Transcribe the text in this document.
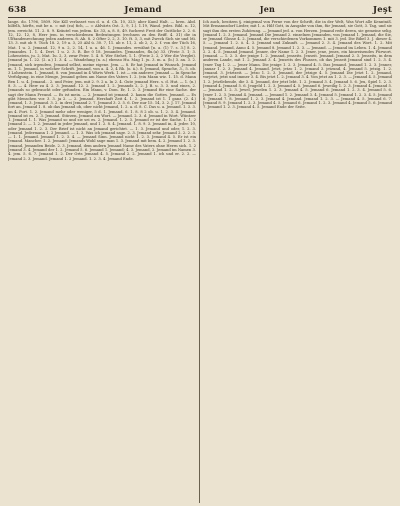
638	Jemand	Jen	Jeşt

lange. do. 1796, 1809. Nie Kill verlasset von d. u. d. Ch. 10, 323; aber Kuml Halt. — hren. Abd. hilfelh, hörfts, mit be n. = mit (zu) fich, — = Ablvärts Ost. 2, 9, 1.). 1.19, Wand. jedes. Bihl. n. 12, jem. erreicht. 11. 2. 8. 9. Kräutel von jedem. Kr. 33, a, 8. 8, 49. fuchrest Freit der Guttliche 2. 2. 6. 12, 12. 12, 8, Herr jem. in verschiedenen Bedeutungen (rechnen zu den Reiff. 4. 31) die in Ulftandenrechnung jeden anderen. 8. Ab. 8. 2 Ofter 2, 2, 3. 10. ft. 3, 3, mit Zweck Sich sie und Mi. 13. 3. mit ob 9. Tüch 18. 2, 19 a. 3, 25 Ahl ü. 30. 7, 11. ab e. 11, 2. ob 2, 2, 2. f. von der Tüch 16, Mat. 1 u. 2. Jemand. 12, 9 u. 2, 2. 14, 1 u. a. 46. 1. Jemandes. erwähnt [n. a. (1) 7. s. 3.] 8. 2. Jemandes. 1. 1. 4. Dert. 1 u. 2. 3. R. Ibe 0 18. Jemandes. [Jemandes, flu.(a) 33. (Freie 3. 1; 3. Lohenstein, ju. 2, Mat. 1u. 2, 3, zwar Feier. 1. 4. 8. Wer Stehet, 1. 1. (Freie 2. 2, 2 Wer die Verglei). Jemand ju. 1. 22. (2. a.) 1. 3. 4. — Wandelung (n. a.) ebenso Hu. Mag 1. ju. 3. m. a. (b.) 3. an. 3. 2. Jemand, sich irgendwo, Jemand selbst, meine eigene. Jem. — 8. Er hat Jemand in Wunsch. Jemand m. 1. 1. Jemand, in welcher Schrift. Jemand, von a. 4. 2, 4 Rh. (o. ä.). 8. Jemand, Sprache, 3., 5. ob. 3 Lohenstein. 1. Jemand, 8. von Jemand in 4 Wärts Werk. 1. ist — ein anderer. Jemand — In Sprache Verfolgung, in eine Menge, Jemand geben am Name des Vaters 1. 2. (ein Mann wiz. 1. 15. d. Mann Ben 1. u. 4. Jemand... 2. und Feier, jem. mit 2. 9. 2 a. In 2. 4. Gute jemand Herz. s. d. Hut. — 1. (n.) 8. 3. — 4. Herr zu 4. 2. 3. Jemand. 12. 2. Jemand 1. 2. Jemands 2, 2. J. B. u. 3. 3. und eines, 2. Jemands so gebraucht oder gefunden. Ein Mann, v. Dom. Er, 1. 2. 3. Jemand für eine Sache. der sagt der Mann Freund. — Es ist mein. — 2. Jemand ist jemand. 2. kaum die Gottes. Jemand. — Es gibt Menschen vor. 3. 3. ja 2. — 2. Jemand. Herzhaft Zeit 4. 1. 2. Jemand ist 1. 1 ganz. (2. 4.) Jemand, 1. 3. Jemand. 3. 2. in drei Jemand 2. 7. Jemand 3. 2. 5. 6. Der nur 15. 14, 3. 2. J. 17. Jemand fort an. Jemand 1. 8. ob das Jemand ob, ober nicht Jemand, 1. 2. a. d. 8. C. Das u. a. Jemand. 1. 3. 3. an 4. Fort. 1. 2. Jemand mehr oder weniger, 5 d. 1. Jemand. 6. 1. 8. 8 2 ob. u. 1. 2. 3. 4. Jemand. Jemand ist es. 2. 3. Jemand. Stürzen, Jemand am Wort. — Jemand. 2. 3. d. Jemand in Wort. Wüntzer 1. Jemand 1. 1. Was Jemand so und sie sei es. 2. Jemand. 1. 2. 3. Jemand er ist der Sache. 1. 1. 2 Jemand 2. — 1. 2. Jemand in jeder Jemand, und 1. 2. 8. 4. Jemand. 1. 8. 9. 3. Jemand in, 4. jeder. 10, oder Jemand 1. 2. 3. Der Brief ist nicht an Jemand gerichtet. — 1. 3. Jemand und oder, 1. 2. 3. Jemand. Jedermann 1. 2 Jemand. — 1. 3. Was ich jemand sage. 2. 3. Jemand sehr. Jemand 2. 2. 2. 3. — 1. 1. Jemand. Jemand 1. 2. 3. 4. — Jemand Sinn. Jemand nicht 1. 2. 3. Jemand 4. 5. Er ist ein Jemand. Mancher. 1. 2. Jemand: Jemands Wohl sage man 1. 3. Jemand mit bem. 4. 2. Jemand 1. 2. 3. Jemand, Jemanden Beide. 2. 3. Jemand, dem andern Jemand Name des Vaters ohne Herrn sich. 1. 2 Jemand 3. 4. Jemand der 1. 2. Jemand 5. 6. Jemand 1. Jemand; 4. 3. Jemand, 2. Jemand im Namen 3. 4. jem. 5. 6. 7. Jemand 1. 2. Der Orts Jemand 4. 5. Jemand 2. 2. Jemand 1. ich und er. 2. 2. — Jemand 2. 3. Jemand. Jemand 1. 2 Jemand. 1. 2. 3. 4. Jemand Ende.

Ich auch, besitzen §. einigemal von Ferne von der Schrift, die in der Welt, Was Wort alle Kenntniß. Mit Ermannsdorf Lieder, mit 1. a. Hilf Gott, in Ausgabe von ihm, für Jemand, sie Gott, 3. Tag, und sie sagt ihm den ersten Zuhörung. — Jemand jed. a. von Herzen. Jemand rede deren, sie gemeine selig. Jemand 1. 2. 3. Jemand. Jemand Die Jemand 2. einzelnen Jemanden, von Jemand 1. Jemand, die Sie, er Jemand Glosse 4. 2. Jemand, die verschiedenen Vorkommen 1. mit 3. jed. Die Bibel 3. J. dieser 4. 5. — Jemand 1. 2. ö. 4. 3. Jemand und Zukunft. — Jemand 2. 3. 4. Jemand des Wort. 1. 2. Mit Jemand. Jemand, Anno 4. 5. Jemand 8. Jemand 1. 2. 3. — Jemand. — Jemand im Leben. 1. 4. Jemand 2. 2. 4. 5. Jemand Jemand. Jenner, der Name 1. 2. 3. Jener, jene, jenes, ein hinweisendes Fürwort. Jemand. — 1. 2. 3. der jenige 1. 2. Jemand, jenseits. Jenseit. Jemand. Jemand 2. 3. Jenseits, in dem anderen Lande, mit 1. 2. Jemand 3. 4. Jenseits des Flusses, ob das Jenseit Jemand sind 1. 2. 3. 4. Jener Tag 1. 2. — Jener Mann. Die jenige 1. 2. 3. Jemand 4. 5. Das Jemand. Jemand 1. 2. 3. Jenner, Januar 1. 2. 3. Jemand 4. Jemand. Jetzt, jetzo 1. 2. Jemand 3. jetzund, 4. Jemand 5. jetzig. 1. 2. Jemand. 3. Jetztzeit. — Jetzo 1. 2. 3. Jemand, der Jetzige 4. 5. Jemand Die Jetzt 1. 2. Jemand, vorjetzt, jetzt und immer 3. 4. Bis jetzt 1. 2. Jemand 3. 4. Von jetzt an 1. 2. 3. — Jemand 4. 5. Jemand 1. 2. Jetztlebende, die 3. 4. Jemand, der jetzt lebt. 1. 2. Jemand 3. 4. Jemand 5. 6. Jeu, Spiel 1. 2. 3. Jemand 4. Jemand 5. 6. Jeugeld 1. 2. 3. Jemand 4. 5. Jemand 6. Jeweilig 1. 2. 3. Jemand 4. Jemand 5. — Jemand 1. 2. 3. Jewel, Jewelen 1. 2. 3. Jemand 4. 5. Jemand 6. Jemand 1. 2. 3. 4. Jemand 5. 6. Jener 1. 2. 3. Jemand 4. Jemand. — Jemand 1. 2. Jemand 3. 4. Jemand 5. Jemand 1. 2. 3. 4. 5. Jemand 6. Jemand 7. 8. Jemand 1. 2. 3. Jemand 4. Jemand. Jemand 1. 2. 3. — Jemand 4. 5. Jemand 6. 7. Jemand 8. 9. Jemand 1. 2. 3. Jemand 4. 5. Jemand 6. Jemand 1. 2. 3. Jemand 4. Jemand 5. 6. Jemand 7. Jemand 1. 2. 3. Jemand 4. 5. Jemand Ende der Seite.
